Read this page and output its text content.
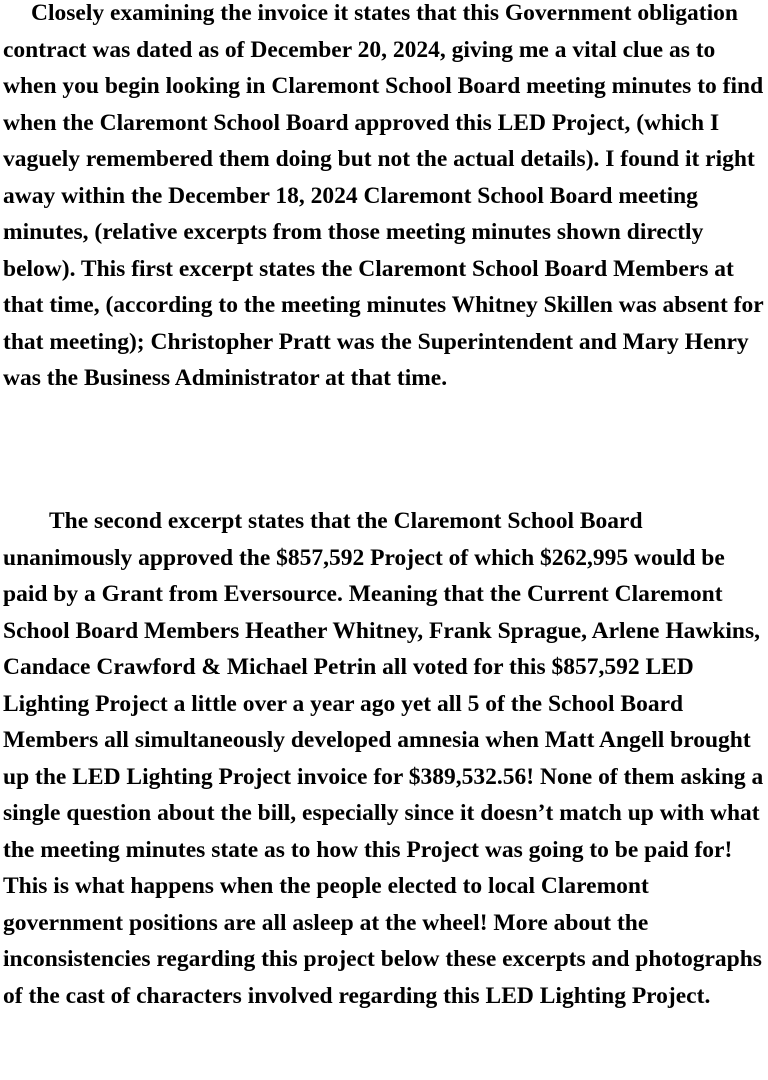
Closely examining the invoice it states that this Government obligation contract was dated as of December 20, 2024, giving me a vital clue as to when you begin looking in Claremont School Board meeting minutes to find when the Claremont School Board approved this LED Project, (which I vaguely remembered them doing but not the actual details). I found it right away within the December 18, 2024 Claremont School Board meeting minutes, (relative excerpts from those meeting minutes shown directly below). This first excerpt states the Claremont School Board Members at that time, (according to the meeting minutes Whitney Skillen was absent for that meeting); Christopher Pratt was the Superintendent and Mary Henry was the Business Administrator at that time.

The second excerpt states that the Claremont School Board unanimously approved the $857,592 Project of which $262,995 would be paid by a Grant from Eversource. Meaning that the Current Claremont School Board Members Heather Whitney, Frank Sprague, Arlene Hawkins, Candace Crawford & Michael Petrin all voted for this $857,592 LED Lighting Project a little over a year ago yet all 5 of the School Board Members all simultaneously developed amnesia when Matt Angell brought up the LED Lighting Project invoice for $389,532.56! None of them asking a single question about the bill, especially since it doesn’t match up with what the meeting minutes state as to how this Project was going to be paid for! This is what happens when the people elected to local Claremont government positions are all asleep at the wheel! More about the inconsistencies regarding this project below these excerpts and photographs of the cast of characters involved regarding this LED Lighting Project.
